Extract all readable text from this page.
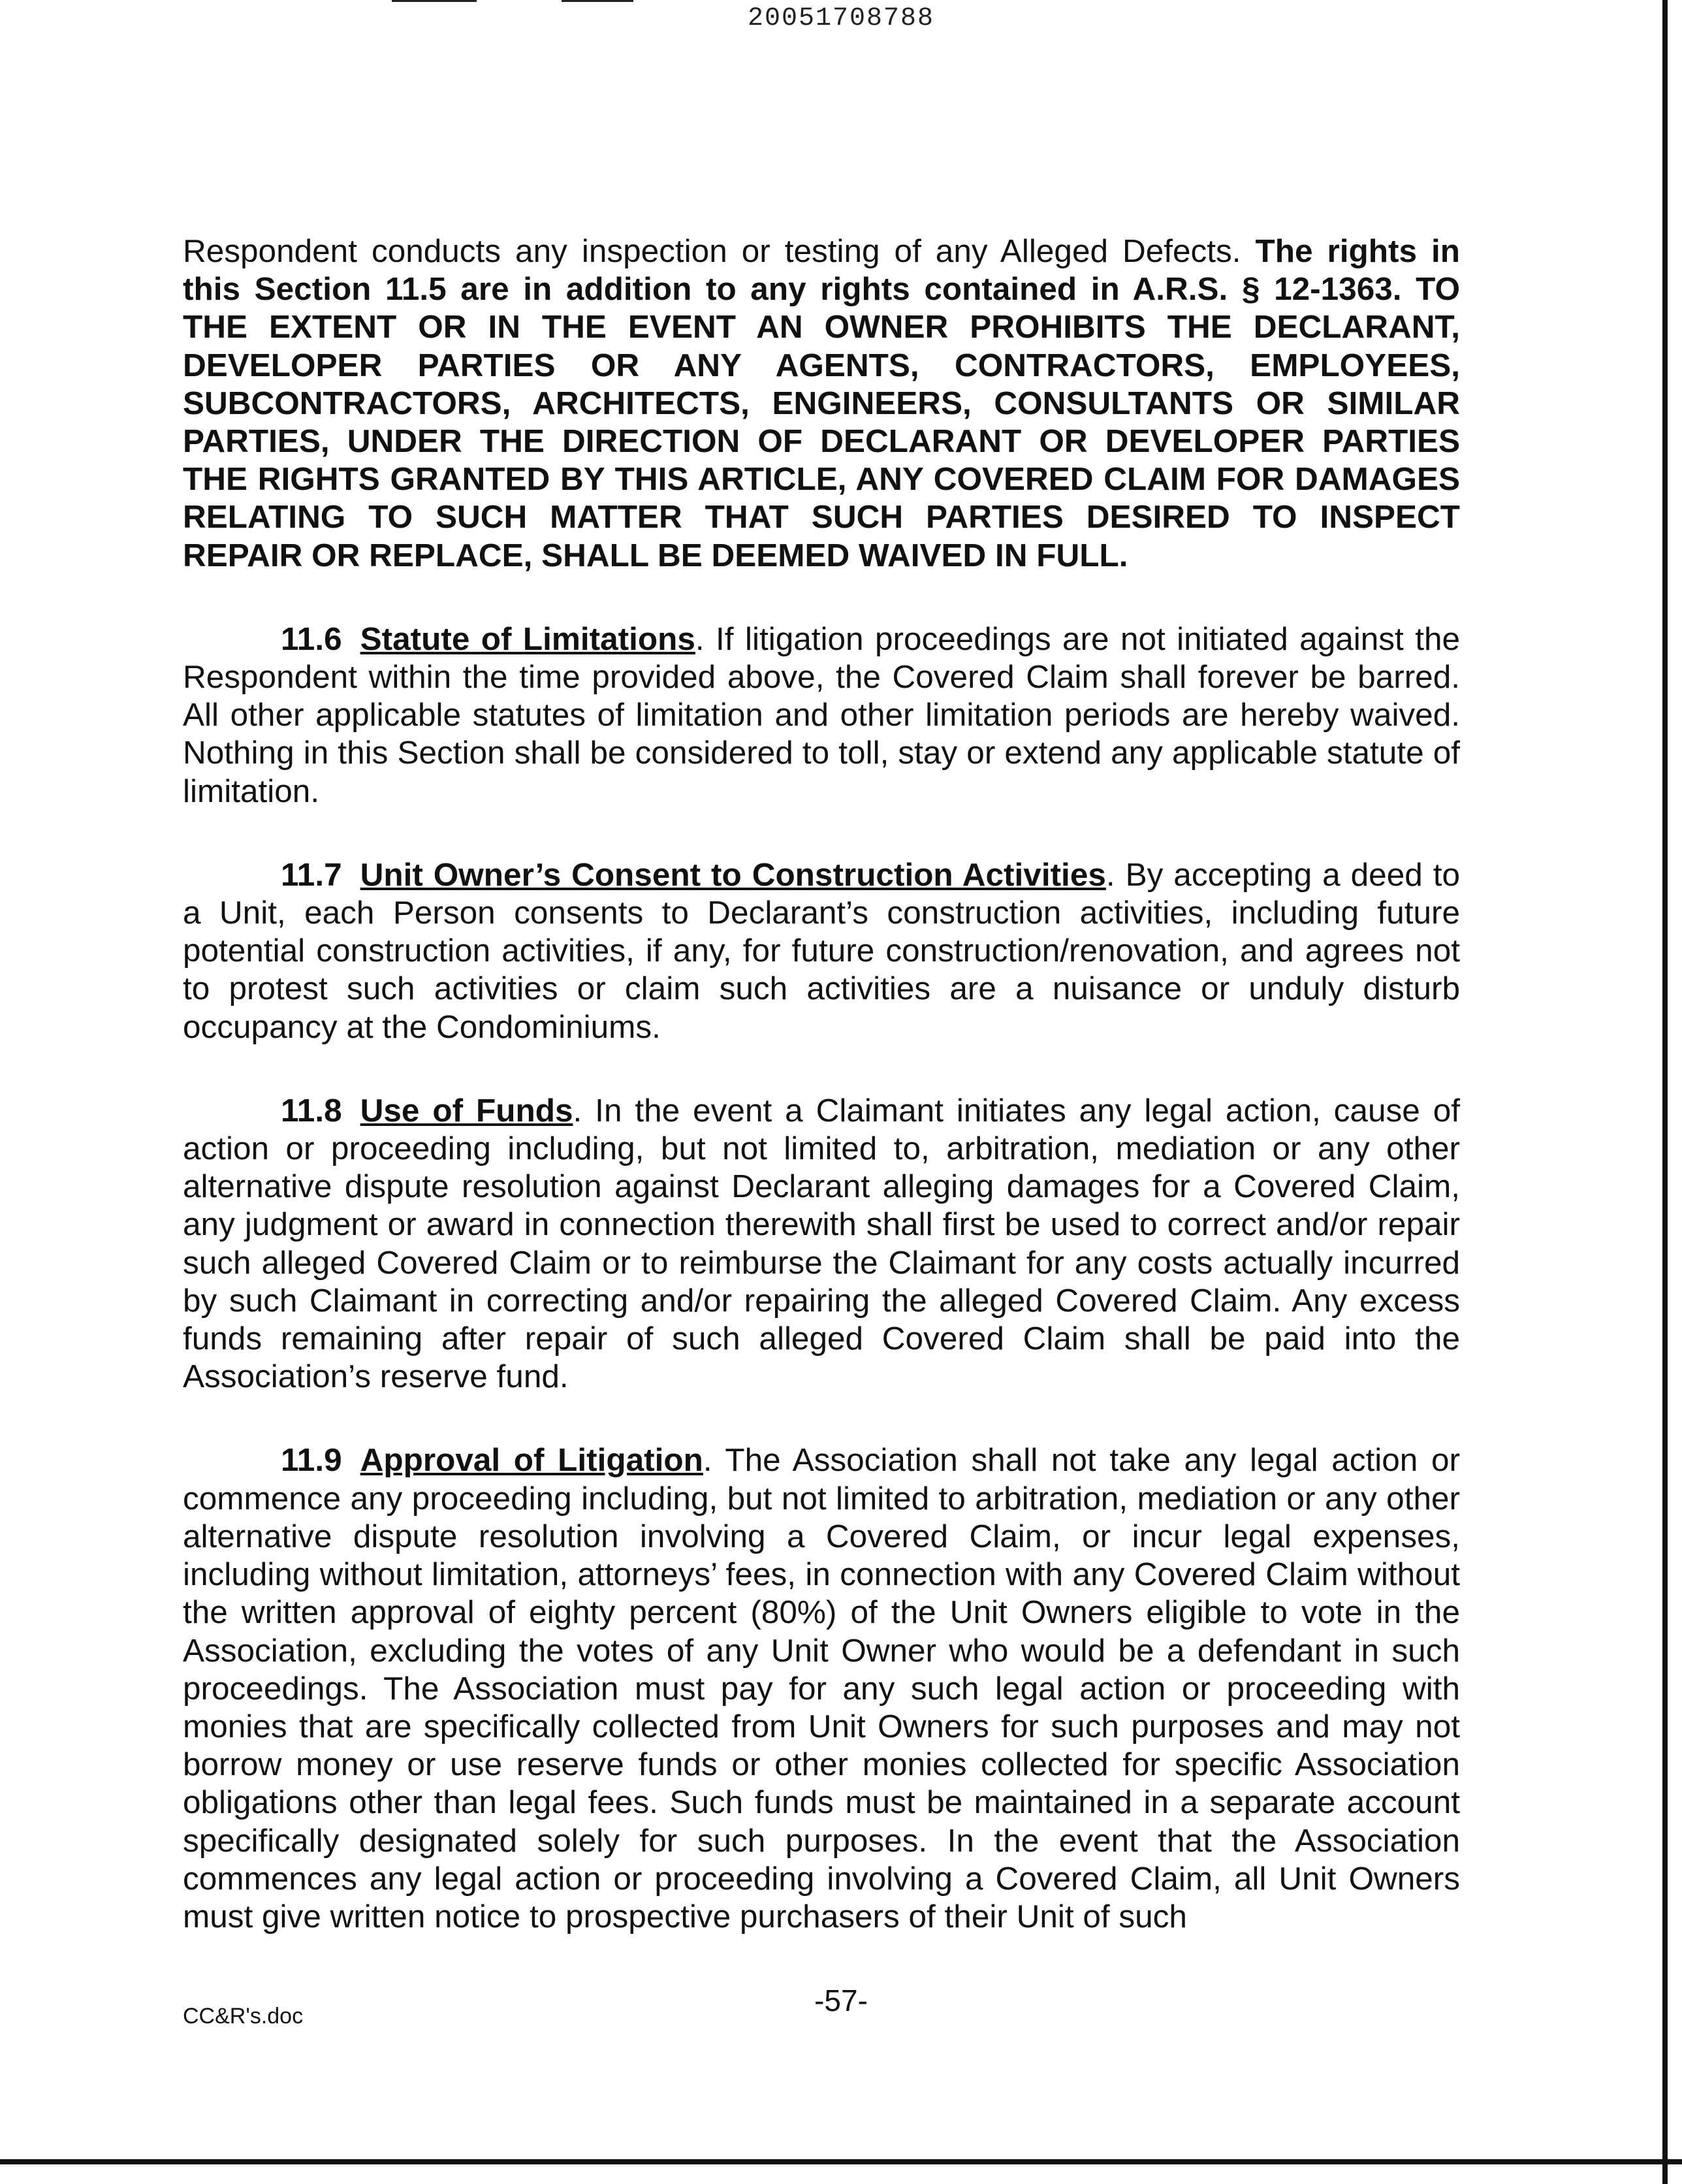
20051708788

Respondent conducts any inspection or testing of any Alleged Defects. The rights in this Section 11.5 are in addition to any rights contained in A.R.S. § 12-1363. TO THE EXTENT OR IN THE EVENT AN OWNER PROHIBITS THE DECLARANT, DEVELOPER PARTIES OR ANY AGENTS, CONTRACTORS, EMPLOYEES, SUBCONTRACTORS, ARCHITECTS, ENGINEERS, CONSULTANTS OR SIMILAR PARTIES, UNDER THE DIRECTION OF DECLARANT OR DEVELOPER PARTIES THE RIGHTS GRANTED BY THIS ARTICLE, ANY COVERED CLAIM FOR DAMAGES RELATING TO SUCH MATTER THAT SUCH PARTIES DESIRED TO INSPECT REPAIR OR REPLACE, SHALL BE DEEMED WAIVED IN FULL.

11.6 Statute of Limitations. If litigation proceedings are not initiated against the Respondent within the time provided above, the Covered Claim shall forever be barred. All other applicable statutes of limitation and other limitation periods are hereby waived. Nothing in this Section shall be considered to toll, stay or extend any applicable statute of limitation.

11.7 Unit Owner’s Consent to Construction Activities. By accepting a deed to a Unit, each Person consents to Declarant’s construction activities, including future potential construction activities, if any, for future construction/renovation, and agrees not to protest such activities or claim such activities are a nuisance or unduly disturb occupancy at the Condominiums.

11.8 Use of Funds. In the event a Claimant initiates any legal action, cause of action or proceeding including, but not limited to, arbitration, mediation or any other alternative dispute resolution against Declarant alleging damages for a Covered Claim, any judgment or award in connection therewith shall first be used to correct and/or repair such alleged Covered Claim or to reimburse the Claimant for any costs actually incurred by such Claimant in correcting and/or repairing the alleged Covered Claim. Any excess funds remaining after repair of such alleged Covered Claim shall be paid into the Association’s reserve fund.

11.9 Approval of Litigation. The Association shall not take any legal action or commence any proceeding including, but not limited to arbitration, mediation or any other alternative dispute resolution involving a Covered Claim, or incur legal expenses, including without limitation, attorneys’ fees, in connection with any Covered Claim without the written approval of eighty percent (80%) of the Unit Owners eligible to vote in the Association, excluding the votes of any Unit Owner who would be a defendant in such proceedings. The Association must pay for any such legal action or proceeding with monies that are specifically collected from Unit Owners for such purposes and may not borrow money or use reserve funds or other monies collected for specific Association obligations other than legal fees. Such funds must be maintained in a separate account specifically designated solely for such purposes. In the event that the Association commences any legal action or proceeding involving a Covered Claim, all Unit Owners must give written notice to prospective purchasers of their Unit of such

-57-
CC&R's.doc
